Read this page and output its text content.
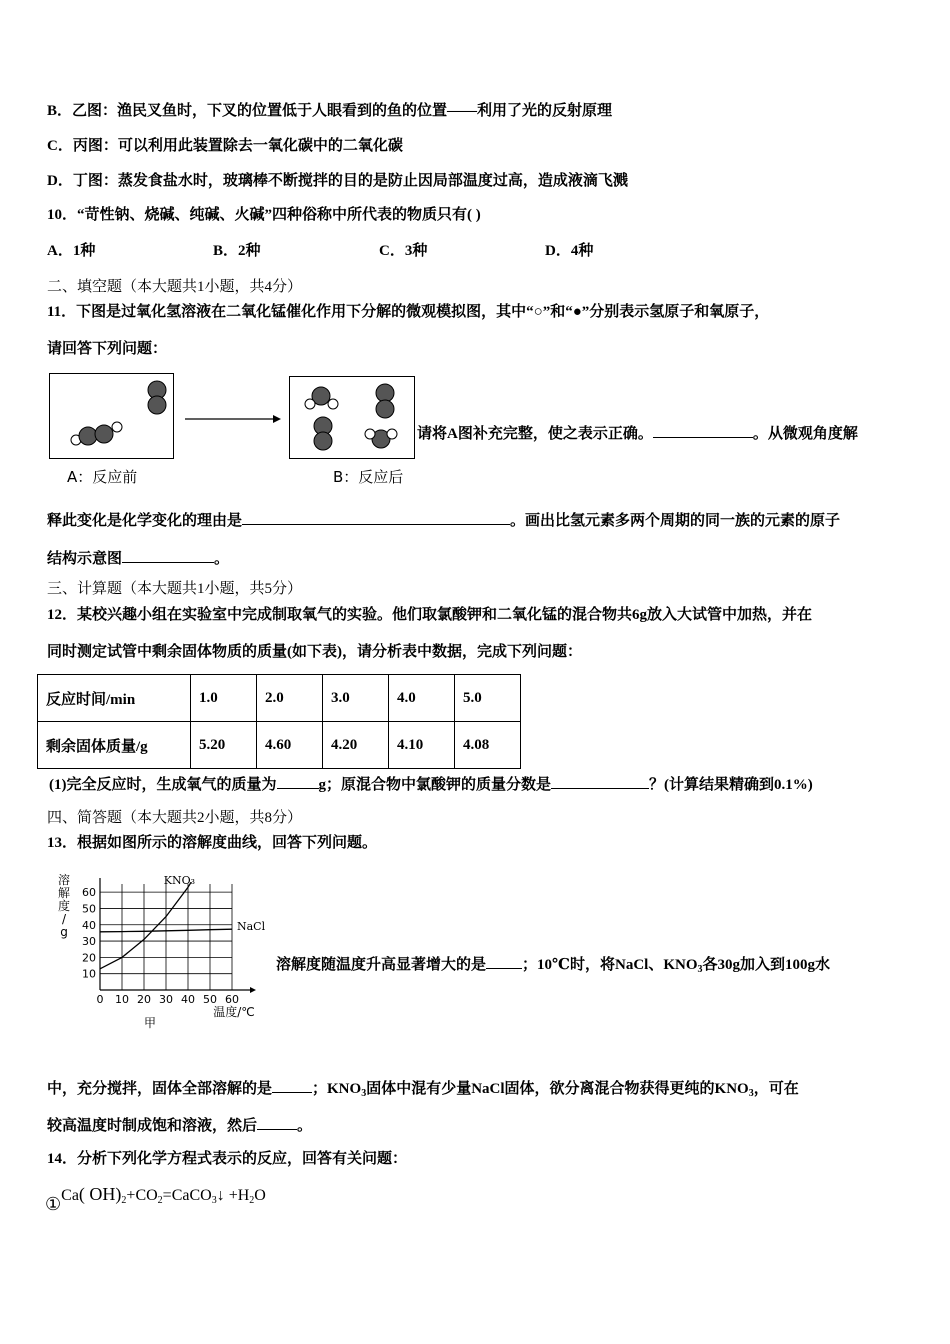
B．乙图：渔民叉鱼时，下叉的位置低于人眼看到的鱼的位置——利用了光的反射原理
C．丙图：可以利用此装置除去一氧化碳中的二氧化碳
D．丁图：蒸发食盐水时，玻璃棒不断搅拌的目的是防止因局部温度过高，造成液滴飞溅
10．“苛性钠、烧碱、纯碱、火碱”四种俗称中所代表的物质只有( )
A．1种	B．2种	C．3种	D．4种
二、填空题（本大题共1小题，共4分）
11．下图是过氧化氢溶液在二氧化锰催化作用下分解的微观模拟图，其中“○”和“●”分别表示氢原子和氧原子，
请回答下列问题：
A：反应前	B：反应后
请将A图补充完整，使之表示正确。	。从微观角度解
释此变化是化学变化的理由是	。画出比氢元素多两个周期的同一族的元素的原子
结构示意图	。
三、计算题（本大题共1小题，共5分）
12．某校兴趣小组在实验室中完成制取氧气的实验。他们取氯酸钾和二氧化锰的混合物共6g放入大试管中加热，并在
同时测定试管中剩余固体物质的质量(如下表)，请分析表中数据，完成下列问题：
反应时间/min	1.0	2.0	3.0	4.0	5.0
剩余固体质量/g	5.20	4.60	4.20	4.10	4.08
(1)完全反应时，生成氧气的质量为	g；原混合物中氯酸钾的质量分数是	？(计算结果精确到0.1%)
四、简答题（本大题共2小题，共8分）
13．根据如图所示的溶解度曲线，回答下列问题。
0 10 20 30 40 50 60
10
20
30
40
50
60
溶
解
度
/
g
温度/℃
甲
KNO₃
NaCl
溶解度随温度升高显著增大的是 ；10℃时，将NaCl、$KNO_3$各30g加入到100g水
中，充分搅拌，固体全部溶解的是	；$KNO_3$固体中混有少量NaCl固体，欲分离混合物获得更纯的$KNO_3$，可在
较高温度时制成饱和溶液，然后	。
14．分析下列化学方程式表示的反应，回答有关问题：
①Ca( $OH)_2+CO_2=CaCO_3↓ +H_2O$
